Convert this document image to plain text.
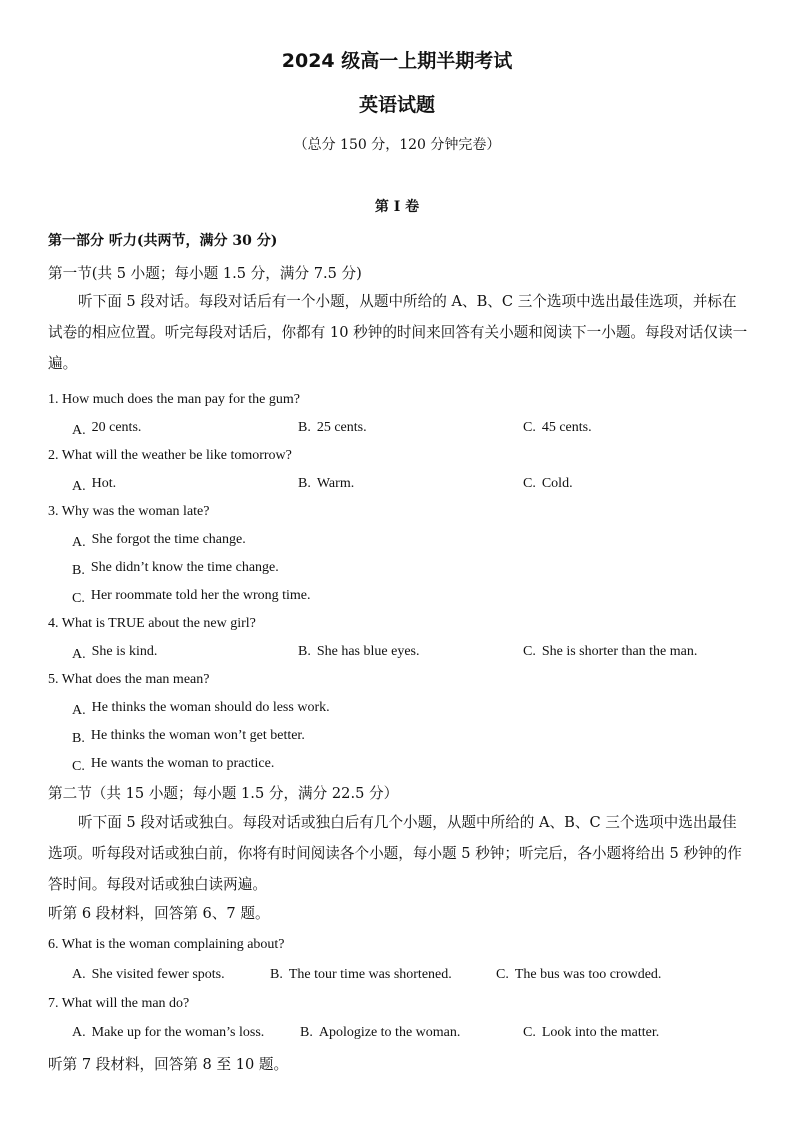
2024 级高一上期半期考试
英语试题
（总分 150 分，120 分钟完卷）
第 I 卷
第一部分 听力(共两节，满分 30 分)
第一节(共 5 小题；每小题 1.5 分，满分 7.5 分)
听下面 5 段对话。每段对话后有一个小题，从题中所给的 A、B、C 三个选项中选出最佳选项，并标在试卷的相应位置。听完每段对话后，你都有 10 秒钟的时间来回答有关小题和阅读下一小题。每段对话仅读一遍。
1. How much does the man pay for the gum?
A. 20 cents.	B. 25 cents.	C. 45 cents.
2. What will the weather be like tomorrow?
A. Hot.	B. Warm.	C. Cold.
3. Why was the woman late?
A. She forgot the time change.
B. She didn’t know the time change.
C. Her roommate told her the wrong time.
4. What is TRUE about the new girl?
A. She is kind.	B. She has blue eyes.	C. She is shorter than the man.
5. What does the man mean?
A. He thinks the woman should do less work.
B. He thinks the woman won’t get better.
C. He wants the woman to practice.
第二节（共 15 小题；每小题 1.5 分，满分 22.5 分）
听下面 5 段对话或独白。每段对话或独白后有几个小题，从题中所给的 A、B、C 三个选项中选出最佳选项。听每段对话或独白前，你将有时间阅读各个小题，每小题 5 秒钟；听完后，各小题将给出 5 秒钟的作答时间。每段对话或独白读两遍。
听第 6 段材料，回答第 6、7 题。
6. What is the woman complaining about?
A. She visited fewer spots.	B. The tour time was shortened.	C. The bus was too crowded.
7. What will the man do?
A. Make up for the woman’s loss.	B. Apologize to the woman.	C. Look into the matter.
听第 7 段材料，回答第 8 至 10 题。
